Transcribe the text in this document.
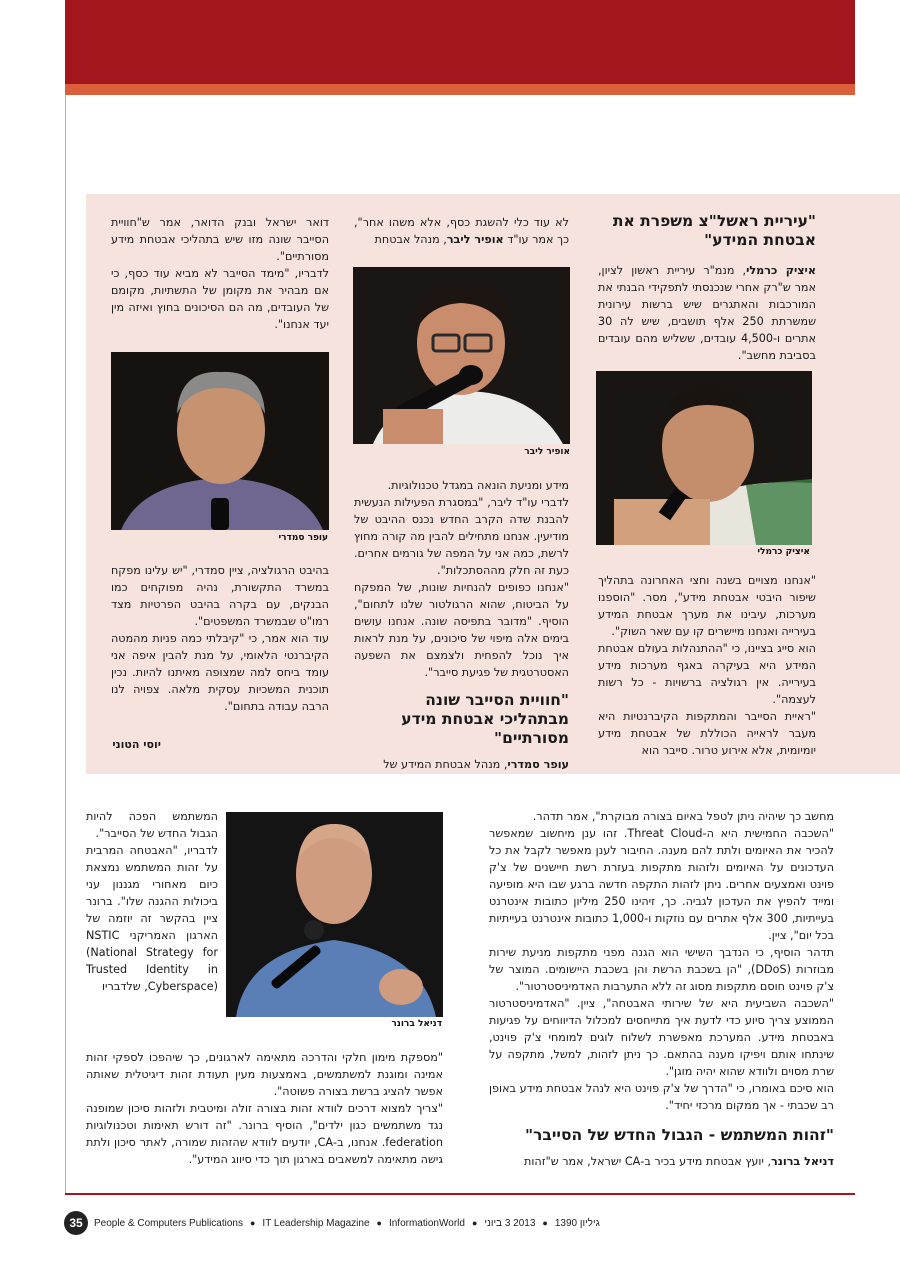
"עיריית ראשל"צ משפרת את אבטחת המידע"

איציק כרמלי, מנמ"ר עיריית ראשון לציון, אמר ש"רק אחרי שנכנסתי לתפקידי הבנתי את המורכבות והאתגרים שיש ברשות עירונית שמשרתת 250 אלף תושבים, שיש לה 30 אתרים ו-4,500 עובדים, ששליש מהם עובדים בסביבת מחשב".

איציק כרמלי

"אנחנו מצויים בשנה וחצי האחרונה בתהליך שיפור היבטי אבטחת מידע", מסר. "הוספנו מערכות, עיבינו את מערך אבטחת המידע בעירייה ואנחנו מיישרים קו עם שאר השוק".

הוא סייג בציינו, כי "ההתנהלות בעולם אבטחת המידע היא בעיקרה באגף מערכות מידע בעירייה. אין רגולציה ברשויות - כל רשות לעצמה".

"ראיית הסייבר והמתקפות הקיברנטיות היא מעבר לראייה הכוללת של אבטחת מידע יומיומית, אלא אירוע טרור. סייבר הוא

לא עוד כלי להשגת כסף, אלא משהו אחר", כך אמר עו"ד אופיר ליבר, מנהל אבטחת

אופיר ליבר

מידע ומניעת הונאה במגדל טכנולוגיות.

לדברי עו"ד ליבר, "במסגרת הפעילות הנעשית להבנת שדה הקרב החדש נכנס ההיבט של מודיעין. אנחנו מתחילים להבין מה קורה מחוץ לרשת, כמה אני על המפה של גורמים אחרים. כעת זה חלק מההסתכלות".

"אנחנו כפופים להנחיות שונות, של המפקח על הביטוח, שהוא הרגולטור שלנו לתחום", הוסיף. "מדובר בתפיסה שונה. אנחנו עושים בימים אלה מיפוי של סיכונים, על מנת לראות איך נוכל להפחית ולצמצם את השפעה האסטרטגית של פגיעת סייבר".

"חוויית הסייבר שונה מבתהליכי אבטחת מידע מסורתיים"

עופר סמדרי, מנהל אבטחת המידע של

דואר ישראל ובנק הדואר, אמר ש"חוויית הסייבר שונה מזו שיש בתהליכי אבטחת מידע מסורתיים".

לדבריו, "מימד הסייבר לא מביא עוד כסף, כי אם מבהיר את מקומן של התשתיות, מקומם של העובדים, מה הם הסיכונים בחוץ ואיזה מין יעד אנחנו".

עופר סמדרי

בהיבט הרגולציה, ציין סמדרי, "יש עלינו מפקח במשרד התקשורת, נהיה מפוקחים כמו הבנקים, עם בקרה בהיבט הפרטיות מצד רמו"ט שבמשרד המשפטים".

עוד הוא אמר, כי "קיבלתי כמה פניות מהמטה הקיברנטי הלאומי, על מנת להבין איפה אני עומד ביחס למה שמצופה מאיתנו להיות. נכין תוכנית המשכיות עסקית מלאה. צפויה לנו הרבה עבודה בתחום".

יוסי הטוני

מחשב כך שיהיה ניתן לטפל באיום בצורה מבוקרת", אמר תדהר.

"השכבה החמישית היא ה-Threat Cloud. זהו ענן מיחשוב שמאפשר להכיר את האיומים ולתת להם מענה. החיבור לענן מאפשר לקבל את כל העדכונים על האיומים ולזהות מתקפות בעזרת רשת חיישנים של צ'ק פוינט ואמצעים אחרים. ניתן לזהות התקפה חדשה ברגע שבו היא מופיעה ומייד להפיץ את העדכון לגביה. כך, זיהינו 250 מיליון כתובות אינטרנט בעייתיות, 300 אלף אתרים עם נוזקות ו-1,000 כתובות אינטרנט בעייתיות בכל יום", ציין.

תדהר הוסיף, כי הנדבך השישי הוא הגנה מפני מתקפות מניעת שירות מבוזרות (DDoS), "הן בשכבת הרשת והן בשכבת היישומים. המוצר של צ'ק פוינט חוסם מתקפות מסוג זה ללא התערבות האדמיניסטרטור".

"השכבה השביעית היא של שירותי האבטחה", ציין. "האדמיניסטרטור הממוצע צריך סיוע כדי לדעת איך מתייחסים למכלול הדיווחים על פגיעות באבטחת מידע. המערכת מאפשרת לשלוח לוגים למומחי צ'ק פוינט, שינתחו אותם ויפיקו מענה בהתאם. כך ניתן לזהות, למשל, מתקפה על שרת מסוים ולוודא שהוא יהיה מוגן".

הוא סיכם באומרו, כי "הדרך של צ'ק פוינט היא לנהל אבטחת מידע באופן רב שכבתי - אך ממקום מרכזי יחיד".

"זהות המשתמש - הגבול החדש של הסייבר"

דניאל ברונר, יועץ אבטחת מידע בכיר ב-CA ישראל, אמר ש"זהות

דניאל ברונר

המשתמש הפכה להיות הגבול החדש של הסייבר".

לדבריו, "האבטחה המרבית על זהות המשתמש נמצאת כיום מאחורי מגננון עני ביכולות ההגנה שלו". ברונר ציין בהקשר זה יוזמה של הארגון האמריקני NSTIC (National Strategy for Trusted Identity in Cyberspace), שלדבריו

"מספקת מימון חלקי והדרכה מתאימה לארגונים, כך שיהפכו לספקי זהות אמינה ומוגנת למשתמשים, באמצעות מעין תעודת זהות דיגיטלית שאותה אפשר להציג ברשת בצורה פשוטה".

"צריך למצוא דרכים לוודא זהות בצורה זולה ומיטבית ולזהות סיכון שמופנה נגד משתמשים כגון ילדים", הוסיף ברונר. "זה דורש תאימות וטכנולוגיות federation. אנחנו, ב-CA, יודעים לוודא שהזהות שמורה, לאתר סיכון ולתת גישה מתאימה למשאבים בארגון תוך כדי סיווג המידע".

35	People & Computers Publications ● IT Leadership Magazine ● InformationWorld ● 2013 3 ביוני ● גיליון 1390
